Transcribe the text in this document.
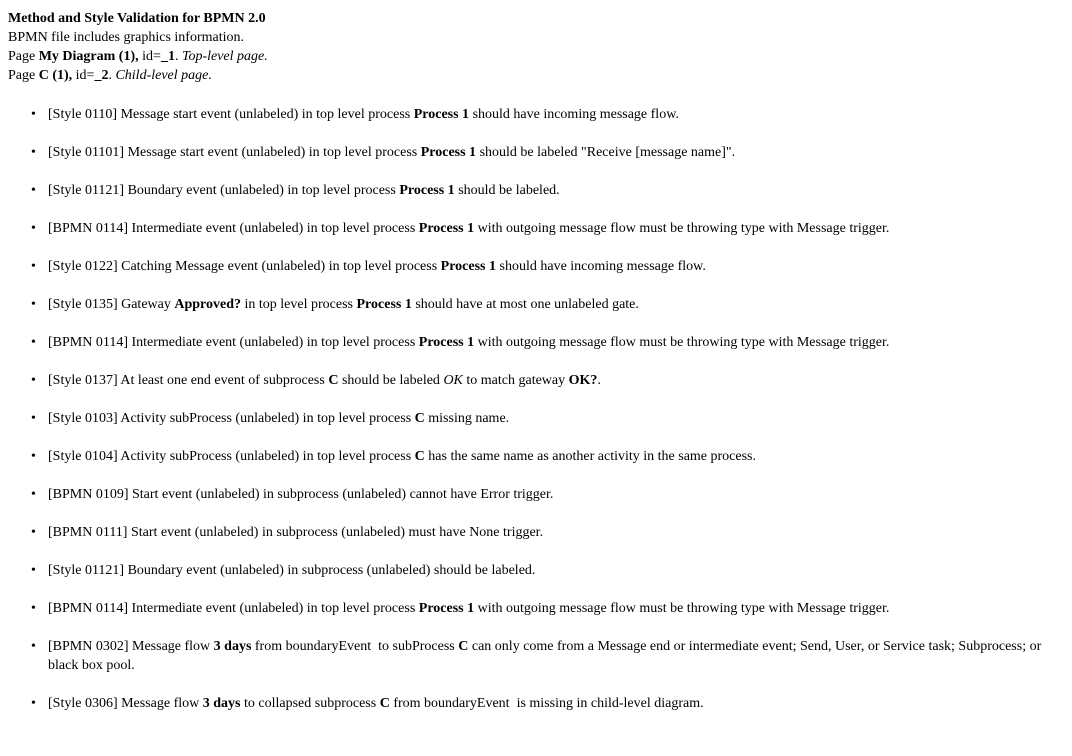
Method and Style Validation for BPMN 2.0
BPMN file includes graphics information.
Page My Diagram (1), id=_1. Top-level page.
Page C (1), id=_2. Child-level page.
• [Style 0110] Message start event (unlabeled) in top level process Process 1 should have incoming message flow.
• [Style 01101] Message start event (unlabeled) in top level process Process 1 should be labeled "Receive [message name]".
• [Style 01121] Boundary event (unlabeled) in top level process Process 1 should be labeled.
• [BPMN 0114] Intermediate event (unlabeled) in top level process Process 1 with outgoing message flow must be throwing type with Message trigger.
• [Style 0122] Catching Message event (unlabeled) in top level process Process 1 should have incoming message flow.
• [Style 0135] Gateway Approved? in top level process Process 1 should have at most one unlabeled gate.
• [BPMN 0114] Intermediate event (unlabeled) in top level process Process 1 with outgoing message flow must be throwing type with Message trigger.
• [Style 0137] At least one end event of subprocess C should be labeled OK to match gateway OK?.
• [Style 0103] Activity subProcess (unlabeled) in top level process C missing name.
• [Style 0104] Activity subProcess (unlabeled) in top level process C has the same name as another activity in the same process.
• [BPMN 0109] Start event (unlabeled) in subprocess (unlabeled) cannot have Error trigger.
• [BPMN 0111] Start event (unlabeled) in subprocess (unlabeled) must have None trigger.
• [Style 01121] Boundary event (unlabeled) in subprocess (unlabeled) should be labeled.
• [BPMN 0114] Intermediate event (unlabeled) in top level process Process 1 with outgoing message flow must be throwing type with Message trigger.
• [BPMN 0302] Message flow 3 days from boundaryEvent  to subProcess C can only come from a Message end or intermediate event; Send, User, or Service task; Subprocess; or black box pool.
• [Style 0306] Message flow 3 days to collapsed subprocess C from boundaryEvent  is missing in child-level diagram.
